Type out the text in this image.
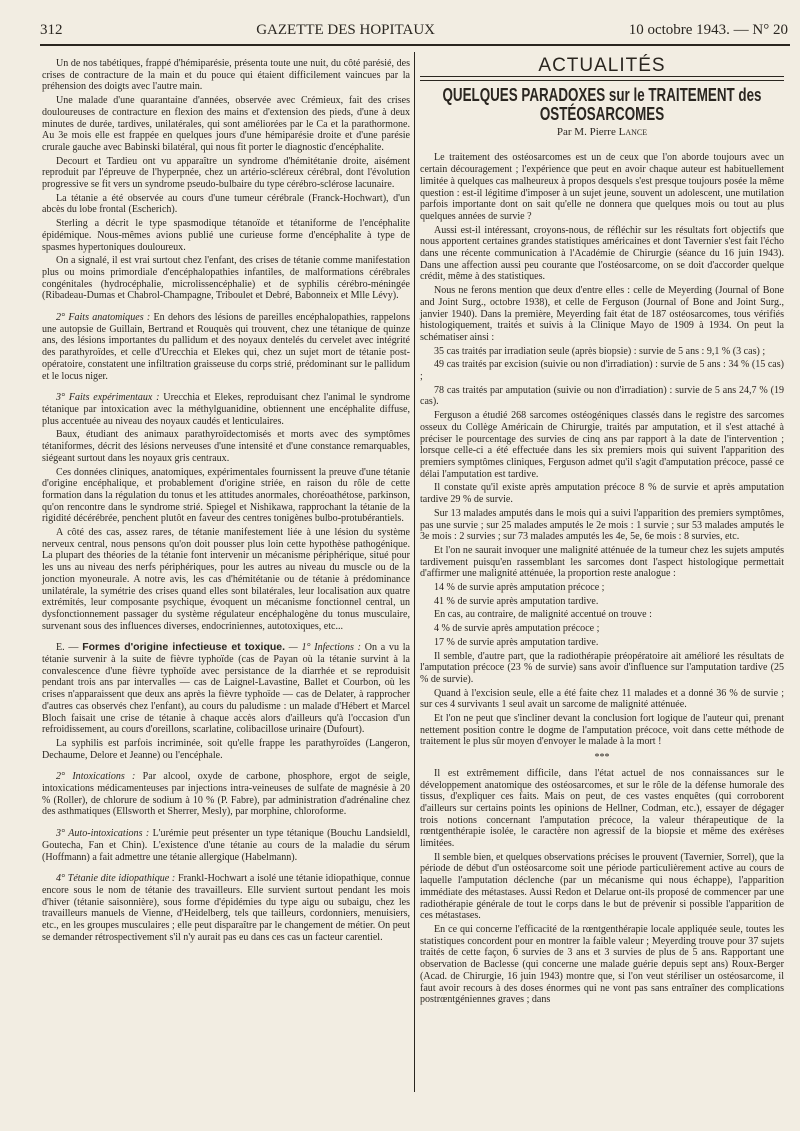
312	GAZETTE DES HOPITAUX	10 octobre 1943. — N° 20

Un de nos tabétiques, frappé d'hémiparésie, présenta toute une nuit, du côté parésié, des crises de contracture de la main et du pouce qui étaient difficilement vaincues par la préhension des doigts avec l'autre main.

Une malade d'une quarantaine d'années, observée avec Crémieux, fait des crises douloureuses de contracture en flexion des mains et d'extension des pieds, d'une à deux minutes de durée, tardives, unilatérales, qui sont améliorées par le Ca et la parathormone. Au 3e mois elle est frappée en quelques jours d'une hémiparésie droite et d'une parésie crurale gauche avec Babinski bilatéral, qui nous fit porter le diagnostic d'encéphalite.

Decourt et Tardieu ont vu apparaître un syndrome d'hémitétanie droite, aisément reproduit par l'épreuve de l'hyperpnée, chez un artério-scléreux cérébral, dont l'évolution progressive se fit vers un syndrome pseudo-bulbaire du type cérébro-sclérose lacunaire.

La tétanie a été observée au cours d'une tumeur cérébrale (Franck-Hochwart), d'un abcès du lobe frontal (Escherich).

Sterling a décrit le type spasmodique tétanoïde et tétaniforme de l'encéphalite épidémique. Nous-mêmes avions publié une curieuse forme d'encéphalite à type de spasmes hypertoniques douloureux.

On a signalé, il est vrai surtout chez l'enfant, des crises de tétanie comme manifestation plus ou moins primordiale d'encéphalopathies infantiles, de malformations cérébrales congénitales (hydrocéphalie, microlissencéphalie) et de syphilis cérébro-méningée (Ribadeau-Dumas et Chabrol-Champagne, Triboulet et Debré, Babonneix et Mlle Lévy).

2° Faits anatomiques : En dehors des lésions de pareilles encéphalopathies, rappelons une autopsie de Guillain, Bertrand et Rouquès qui trouvent, chez une tétanique de quinze ans, des lésions importantes du pallidum et des noyaux dentelés du cervelet avec intégrité des parathyroïdes, et celle d'Urecchia et Elekes qui, chez un sujet mort de tétanie post-opératoire, constatent une infiltration graisseuse du corps strié, prédominant sur le pallidum et le locus niger.

3° Faits expérimentaux : Urecchia et Elekes, reproduisant chez l'animal le syndrome tétanique par intoxication avec la méthylguanidine, obtiennent une encéphalite diffuse, plus accentuée au niveau des noyaux caudés et lenticulaires.

Baux, étudiant des animaux parathyroïdectomisés et morts avec des symptômes tétaniformes, décrit des lésions nerveuses d'une intensité et d'une constance remarquables, siégeant surtout dans les noyaux gris centraux.

Ces données cliniques, anatomiques, expérimentales fournissent la preuve d'une tétanie d'origine encéphalique, et probablement d'origine striée, en raison du rôle de cette formation dans la régulation du tonus et les attitudes anormales, choréoathétose, parkinson, qu'on rencontre dans le syndrome strié. Spiegel et Nishikawa, rapprochant la tétanie de la rigidité décérébrée, penchent plutôt en faveur des centres tonigènes bulbo-protubérantiels.

A côté des cas, assez rares, de tétanie manifestement liée à une lésion du système nerveux central, nous pensons qu'on doit pousser plus loin cette hypothèse pathogénique. La plupart des théories de la tétanie font intervenir un mécanisme périphérique, situé pour les uns au niveau des nerfs périphériques, pour les autres au niveau du muscle ou de la jonction myoneurale. A notre avis, les cas d'hémitétanie ou de tétanie à prédominance unilatérale, la symétrie des crises quand elles sont bilatérales, leur localisation aux quatre extrémités, leur composante psychique, évoquent un mécanisme fonctionnel central, un dysfonctionnement passager du système régulateur encéphalogène du tonus musculaire, survenant sous des influences diverses, endocriniennes, autotoxiques, etc...

E. — Formes d'origine infectieuse et toxique. — 1° Infections : On a vu la tétanie survenir à la suite de fièvre typhoïde (cas de Payan où la tétanie survint à la convalescence d'une fièvre typhoïde avec persistance de la diarrhée et se reproduisit pendant trois ans par intervalles — cas de Laignel-Lavastine, Ballet et Courbon, où les crises n'apparaissent que deux ans après la fièvre typhoïde — cas de Delater, à rapprocher d'autres cas observés chez l'enfant), au cours du paludisme : un malade d'Hébert et Marcel Bloch faisait une crise de tétanie à chaque accès alors d'ailleurs qu'à l'occasion d'un refroidissement, au cours d'oreillons, scarlatine, colibacillose urinaire (Dufourt).

La syphilis est parfois incriminée, soit qu'elle frappe les parathyroïdes (Langeron, Dechaume, Delore et Jeanne) ou l'encéphale.

2° Intoxications : Par alcool, oxyde de carbone, phosphore, ergot de seigle, intoxications médicamenteuses par injections intra-veineuses de sulfate de magnésie à 20 % (Roller), de chlorure de sodium à 10 % (P. Fabre), par administration d'adrénaline chez des asthmatiques (Ellsworth et Sherrer, Mesly), par morphine, chloroforme.

3° Auto-intoxications : L'urémie peut présenter un type tétanique (Bouchu Landsieldl, Goutecha, Fan et Chin). L'existence d'une tétanie au cours de la maladie du sérum (Hoffmann) a fait admettre une tétanie allergique (Habelmann).

4° Tétanie dite idiopathique : Frankl-Hochwart a isolé une tétanie idiopathique, connue encore sous le nom de tétanie des travailleurs. Elle survient surtout pendant les mois d'hiver (tétanie saisonnière), sous forme d'épidémies du type aigu ou subaigu, chez les travailleurs manuels de Vienne, d'Heidelberg, tels que tailleurs, cordonniers, menuisiers, etc., en les groupes musculaires ; elle peut disparaître par le changement de métier. On peut se demander rétrospectivement s'il n'y aurait pas eu dans ces cas un facteur carentiel.

ACTUALITÉS
QUELQUES PARADOXES sur le TRAITEMENT des OSTÉOSARCOMES
Par M. Pierre Lance

Le traitement des ostéosarcomes est un de ceux que l'on aborde toujours avec un certain découragement ; l'expérience que peut en avoir chaque auteur est habituellement limitée à quelques cas malheureux à propos desquels s'est presque toujours posée la même question : est-il légitime d'imposer à un sujet jeune, souvent un adolescent, une mutilation parfois importante dont on sait qu'elle ne donnera que quelques mois ou tout au plus quelques années de survie ?

Aussi est-il intéressant, croyons-nous, de réfléchir sur les résultats fort objectifs que nous apportent certaines grandes statistiques américaines et dont Tavernier s'est fait l'écho dans une récente communication à l'Académie de Chirurgie (séance du 16 juin 1943). Dans une affection aussi peu courante que l'ostéosarcome, on se doit d'accorder quelque crédit, même à des statistiques.

Nous ne ferons mention que deux d'entre elles : celle de Meyerding (Journal of Bone and Joint Surg., octobre 1938), et celle de Ferguson (Journal of Bone and Joint Surg., janvier 1940). Dans la première, Meyerding fait état de 187 ostéosarcomes, tous vérifiés histologiquement, traités et suivis à la Clinique Mayo de 1909 à 1934. On peut la schématiser ainsi :

35 cas traités par irradiation seule (après biopsie) : survie de 5 ans : 9,1 % (3 cas) ;

49 cas traités par excision (suivie ou non d'irradiation) : survie de 5 ans : 34 % (15 cas) ;

78 cas traités par amputation (suivie ou non d'irradiation) : survie de 5 ans 24,7 % (19 cas).

Ferguson a étudié 268 sarcomes ostéogéniques classés dans le registre des sarcomes osseux du Collège Américain de Chirurgie, traités par amputation, et il s'est attaché à préciser le pourcentage des survies de cinq ans par rapport à la date de l'intervention ; lorsque celle-ci a été effectuée dans les six premiers mois qui suivent l'apparition des premiers symptômes cliniques, Ferguson admet qu'il s'agit d'amputation précoce, passé ce délai l'amputation est tardive.

Il constate qu'il existe après amputation précoce 8 % de survie et après amputation tardive 29 % de survie.

Sur 13 malades amputés dans le mois qui a suivi l'apparition des premiers symptômes, pas une survie ; sur 25 malades amputés le 2e mois : 1 survie ; sur 53 malades amputés le 3e mois : 2 survies ; sur 73 malades amputés les 4e, 5e, 6e mois : 8 survies, etc.

Et l'on ne saurait invoquer une malignité atténuée de la tumeur chez les sujets amputés tardivement puisqu'en rassemblant les sarcomes dont l'aspect histologique permettait d'affirmer une malignité atténuée, la proportion reste analogue :

14 % de survie après amputation précoce ;

41 % de survie après amputation tardive.

En cas, au contraire, de malignité accentué on trouve :

4 % de survie après amputation précoce ;

17 % de survie après amputation tardive.

Il semble, d'autre part, que la radiothérapie préopératoire ait amélioré les résultats de l'amputation précoce (23 % de survie) sans avoir d'influence sur l'amputation tardive (25 % de survie).

Quand à l'excision seule, elle a été faite chez 11 malades et a donné 36 % de survie ; sur ces 4 survivants 1 seul avait un sarcome de malignité atténuée.

Et l'on ne peut que s'incliner devant la conclusion fort logique de l'auteur qui, prenant nettement position contre le dogme de l'amputation précoce, voit dans cette méthode de traitement le plus sûr moyen d'envoyer le malade à la mort !

***

Il est extrêmement difficile, dans l'état actuel de nos connaissances sur le développement anatomique des ostéosarcomes, et sur le rôle de la défense humorale des tissus, d'expliquer ces faits. Mais on peut, de ces vastes enquêtes (qui corroborent d'ailleurs sur certains points les opinions de Hellner, Codman, etc.), essayer de dégager trois notions concernant l'amputation précoce, la valeur thérapeutique de la rœntgenthérapie isolée, le caractère non agressif de la biopsie et même des exérèses limitées.

Il semble bien, et quelques observations précises le prouvent (Tavernier, Sorrel), que la période de début d'un ostéosarcome soit une période particulièrement active au cours de laquelle l'amputation déclenche (par un mécanisme qui nous échappe), l'apparition immédiate des métastases. Aussi Redon et Delarue ont-ils proposé de commencer par une radiothérapie générale de tout le corps dans le but de prévenir si possible l'apparition de ces métastases.

En ce qui concerne l'efficacité de la rœntgenthérapie locale appliquée seule, toutes les statistiques concordent pour en montrer la faible valeur ; Meyerding trouve pour 37 sujets traités de cette façon, 6 survies de 3 ans et 3 survies de plus de 5 ans. Rapportant une observation de Baclesse (qui concerne une malade guérie depuis sept ans) Roux-Berger (Acad. de Chirurgie, 16 juin 1943) montre que, si l'on veut stériliser un ostéosarcome, il faut avoir recours à des doses énormes qui ne vont pas sans entraîner des complications postrœntgéniennes graves ; dans
